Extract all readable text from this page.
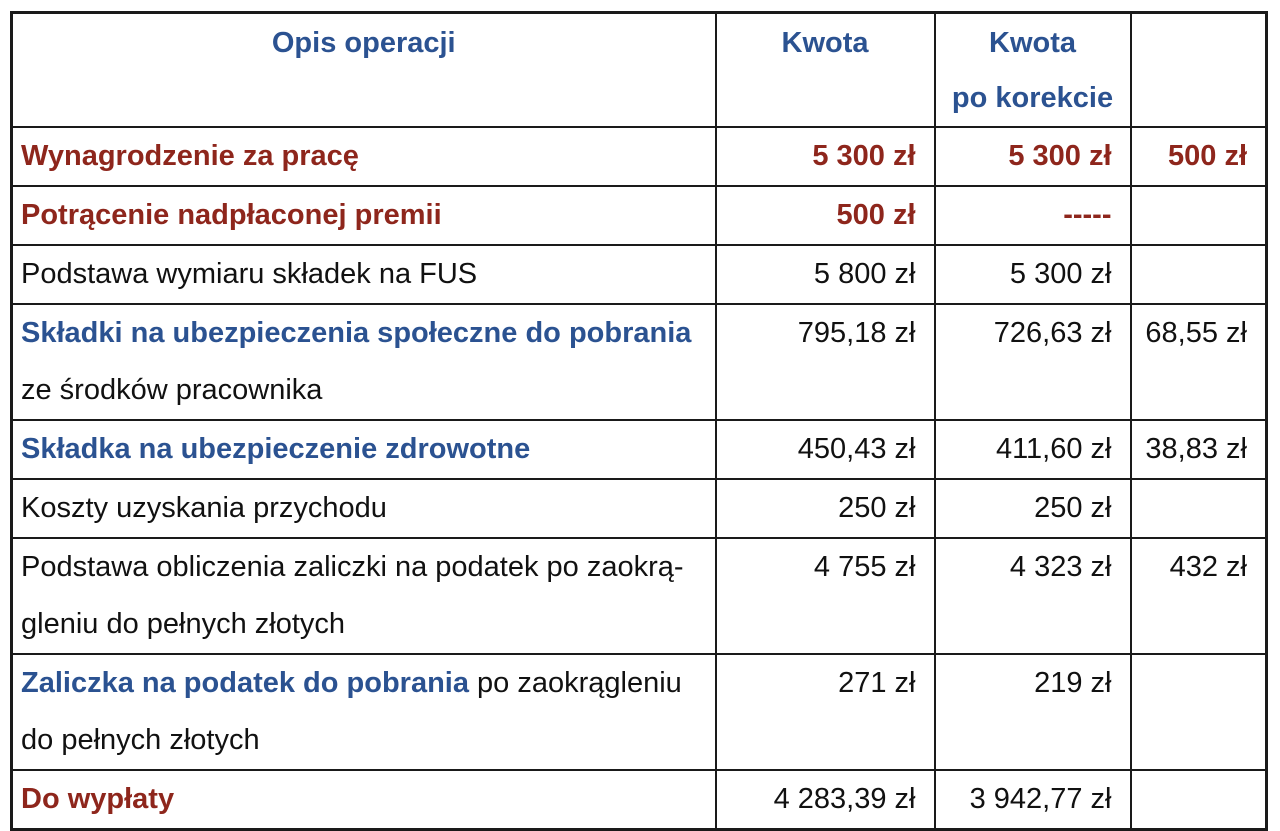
Opis operacji	Kwota	Kwota
po korekcie	

Wynagrodzenie za pracę	5 300 zł	5 300 zł	500 zł
Potrącenie nadpłaconej premii	500 zł	-----	
Podstawa wymiaru składek na FUS	5 800 zł	5 300 zł	

Składki na ubezpieczenia społeczne do pobrania
ze środków pracownika	795,18 zł	726,63 zł	68,55 zł
Składka na ubezpieczenie zdrowotne	450,43 zł	411,60 zł	38,83 zł
Koszty uzyskania przychodu	250 zł	250 zł	

Podstawa obliczenia zaliczki na podatek po zaokrą-
gleniu do pełnych złotych	4 755 zł	4 323 zł	432 zł

Zaliczka na podatek do pobrania po zaokrągleniu
do pełnych złotych	271 zł	219 zł	
Do wypłaty	4 283,39 zł	3 942,77 zł	
